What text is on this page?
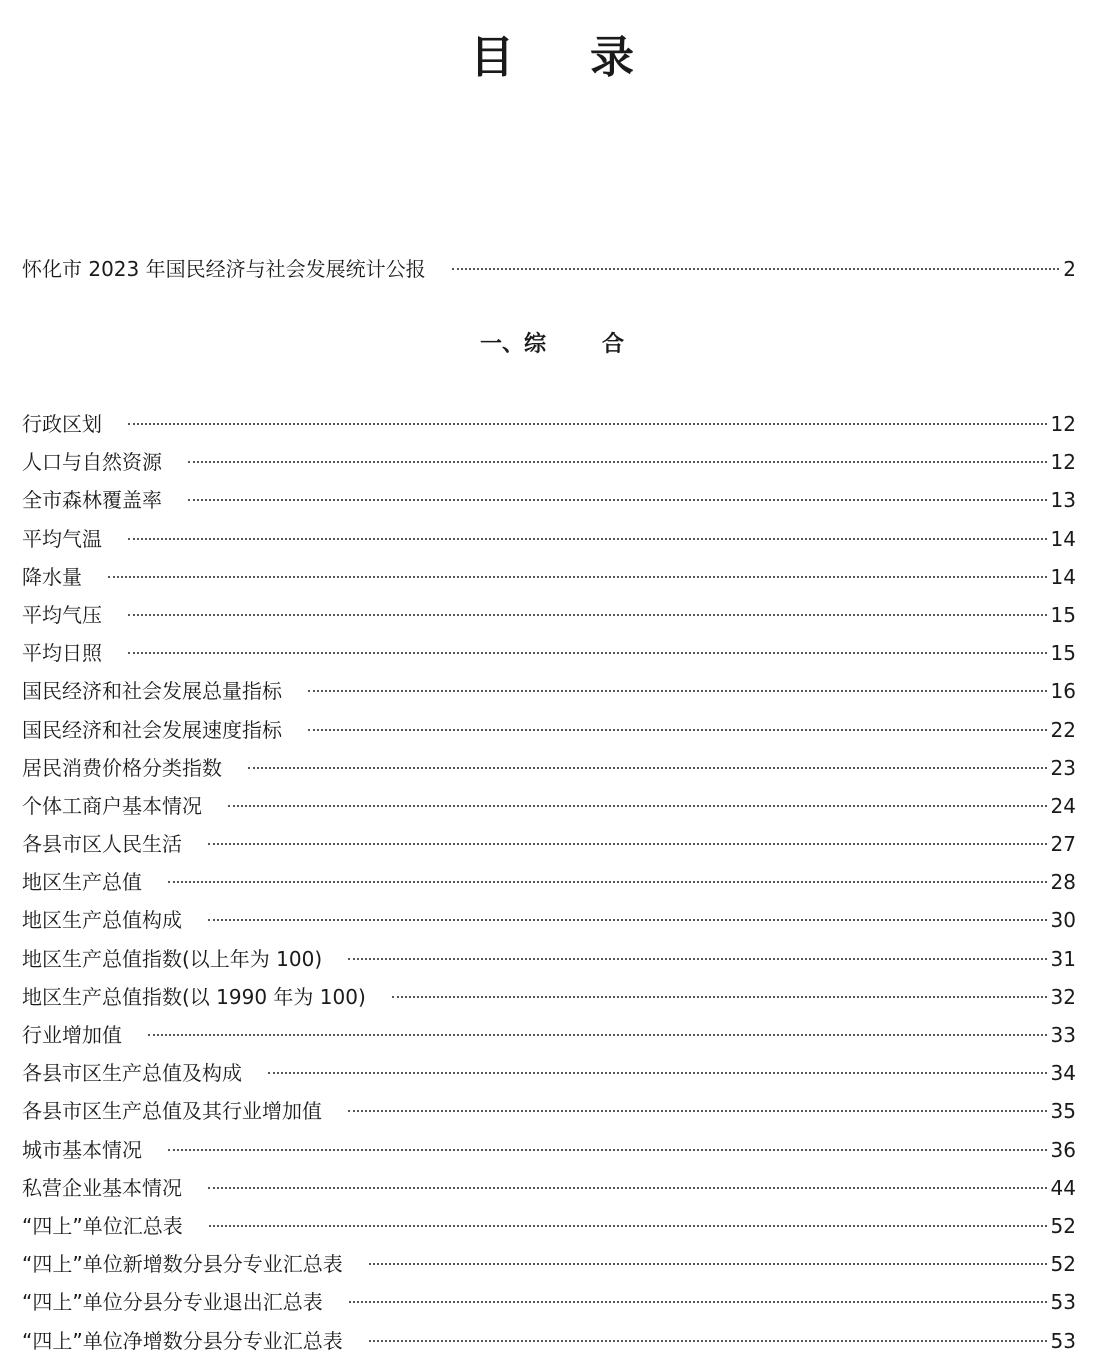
目 录
怀化市 2023 年国民经济与社会发展统计公报	2
一、综	合
行政区划	12
人口与自然资源	12
全市森林覆盖率	13
平均气温	14
降水量	14
平均气压	15
平均日照	15
国民经济和社会发展总量指标	16
国民经济和社会发展速度指标	22
居民消费价格分类指数	23
个体工商户基本情况	24
各县市区人民生活	27
地区生产总值	28
地区生产总值构成	30
地区生产总值指数(以上年为 100)	31
地区生产总值指数(以 1990 年为 100)	32
行业增加值	33
各县市区生产总值及构成	34
各县市区生产总值及其行业增加值	35
城市基本情况	36
私营企业基本情况	44
“四上”单位汇总表	52
“四上”单位新增数分县分专业汇总表	52
“四上”单位分县分专业退出汇总表	53
“四上”单位净增数分县分专业汇总表	53
